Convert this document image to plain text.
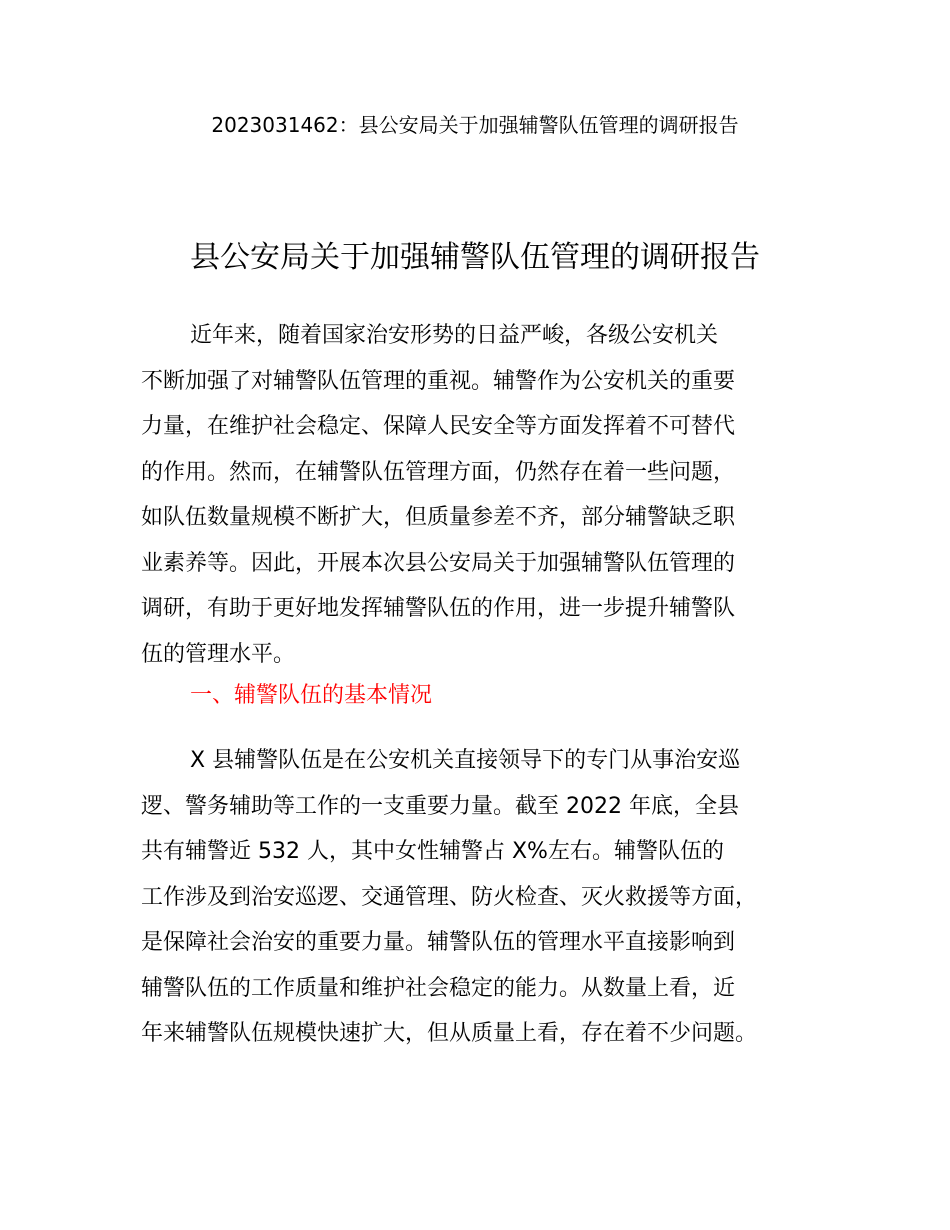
2023031462：县公安局关于加强辅警队伍管理的调研报告
县公安局关于加强辅警队伍管理的调研报告
近年来，随着国家治安形势的日益严峻，各级公安机关
不断加强了对辅警队伍管理的重视。辅警作为公安机关的重要
力量，在维护社会稳定、保障人民安全等方面发挥着不可替代
的作用。然而，在辅警队伍管理方面，仍然存在着一些问题，
如队伍数量规模不断扩大，但质量参差不齐，部分辅警缺乏职
业素养等。因此，开展本次县公安局关于加强辅警队伍管理的
调研，有助于更好地发挥辅警队伍的作用，进一步提升辅警队
伍的管理水平。
一、辅警队伍的基本情况
X 县辅警队伍是在公安机关直接领导下的专门从事治安巡
逻、警务辅助等工作的一支重要力量。截至 2022 年底，全县
共有辅警近 532 人，其中女性辅警占 X%左右。辅警队伍的
工作涉及到治安巡逻、交通管理、防火检查、灭火救援等方面，
是保障社会治安的重要力量。辅警队伍的管理水平直接影响到
辅警队伍的工作质量和维护社会稳定的能力。从数量上看，近
年来辅警队伍规模快速扩大，但从质量上看，存在着不少问题。
